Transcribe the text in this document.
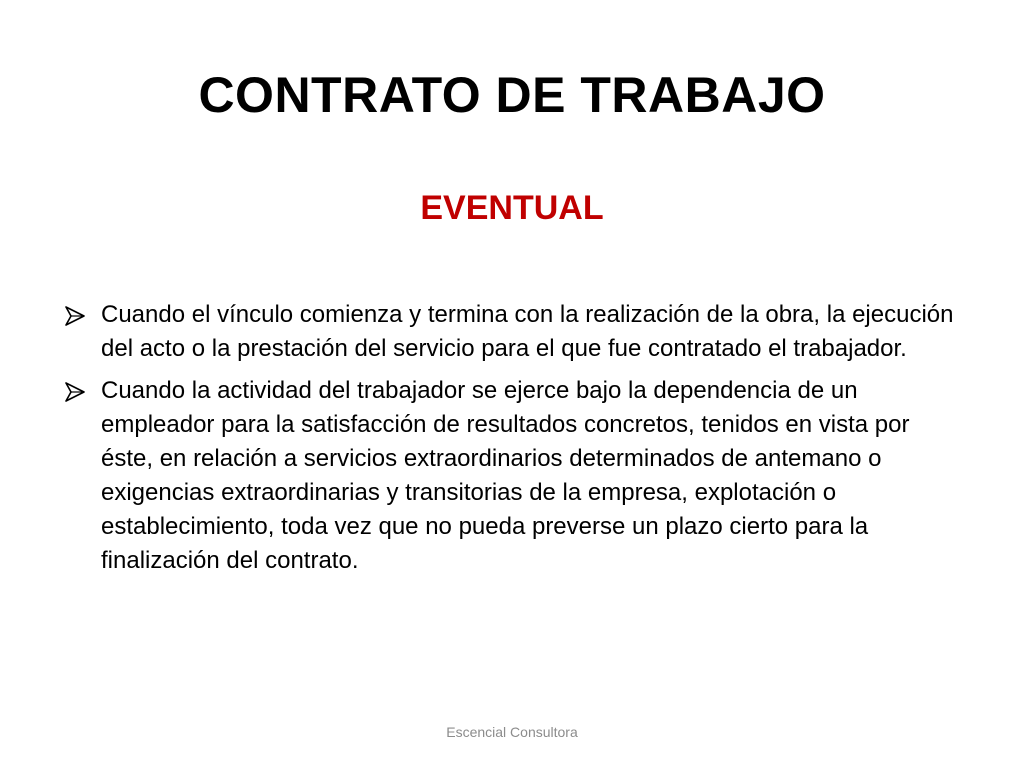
CONTRATO DE TRABAJO
EVENTUAL
Cuando el vínculo comienza y termina con la realización de la obra, la ejecución del acto o la prestación del servicio para el que fue contratado el trabajador.
Cuando la actividad del trabajador se ejerce bajo la dependencia de un empleador para la satisfacción de resultados concretos, tenidos en vista por éste, en relación a servicios extraordinarios determinados de antemano o exigencias extraordinarias y transitorias de la empresa, explotación o establecimiento, toda vez que no pueda preverse un plazo cierto para la finalización del contrato.
Escencial Consultora
